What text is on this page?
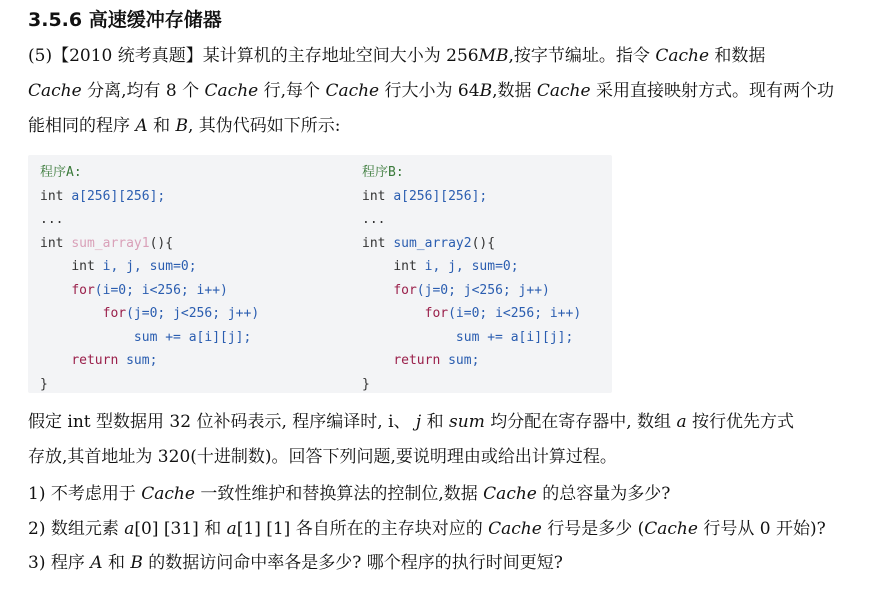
3.5.6 高速缓冲存储器
(5)【2010 统考真题】某计算机的主存地址空间大小为 256MB,按字节编址。指令 Cache 和数据
Cache 分离,均有 8 个 Cache 行,每个 Cache 行大小为 64B,数据 Cache 采用直接映射方式。现有两个功
能相同的程序 A 和 B, 其伪代码如下所示:
程序A:
int a[256][256];
...
int sum_array1(){
int i, j, sum=0;
for(i=0; i<256; i++)
for(j=0; j<256; j++)
sum += a[i][j];
return sum;
}
程序B:
int a[256][256];
...
int sum_array2(){
int i, j, sum=0;
for(j=0; j<256; j++)
for(i=0; i<256; i++)
sum += a[i][j];
return sum;
}
假定 int 型数据用 32 位补码表示, 程序编译时, i、 j 和 sum 均分配在寄存器中, 数组 a 按行优先方式
存放,其首地址为 320(十进制数)。回答下列问题,要说明理由或给出计算过程。
1) 不考虑用于 Cache 一致性维护和替换算法的控制位,数据 Cache 的总容量为多少?
2) 数组元素 a[0] [31] 和 a[1] [1] 各自所在的主存块对应的 Cache 行号是多少 (Cache 行号从 0 开始)?
3) 程序 A 和 B 的数据访问命中率各是多少? 哪个程序的执行时间更短?
